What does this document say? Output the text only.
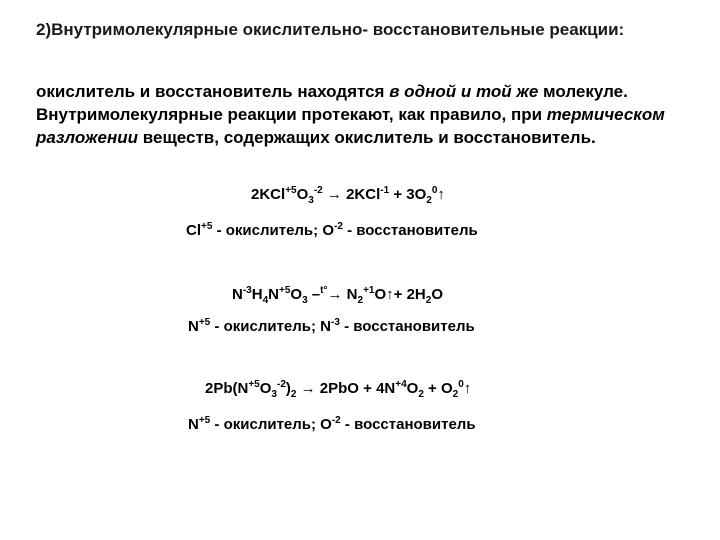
2)Внутримолекулярные окислительно- восстановительные реакции:
окислитель и восстановитель находятся в одной и той же молекуле. Внутримолекулярные реакции протекают, как правило, при термическом разложении веществ, содержащих окислитель и восстановитель.
$2KCl^{+5}O_3^{-2} \to 2KCl^{-1}$ + $3O_2^0↑$
$Cl^{+5}$ - окислитель; $O^{-2}$ - восстановитель
$N^{-3}H_4N^{+5}O_3$ $-^{t^\circ}\to N_2^{+1}O↑+ 2H_2O$
$N^{+5}$ - окислитель; $N^{-3}$ - восстановитель
$2Pb(N^{+5}O_3^{-2})_2 \to 2PbO + 4N^{+4}O_2$ + $O_2^0↑$
$N^{+5}$ - окислитель; $O^{-2}$ - восстановитель
